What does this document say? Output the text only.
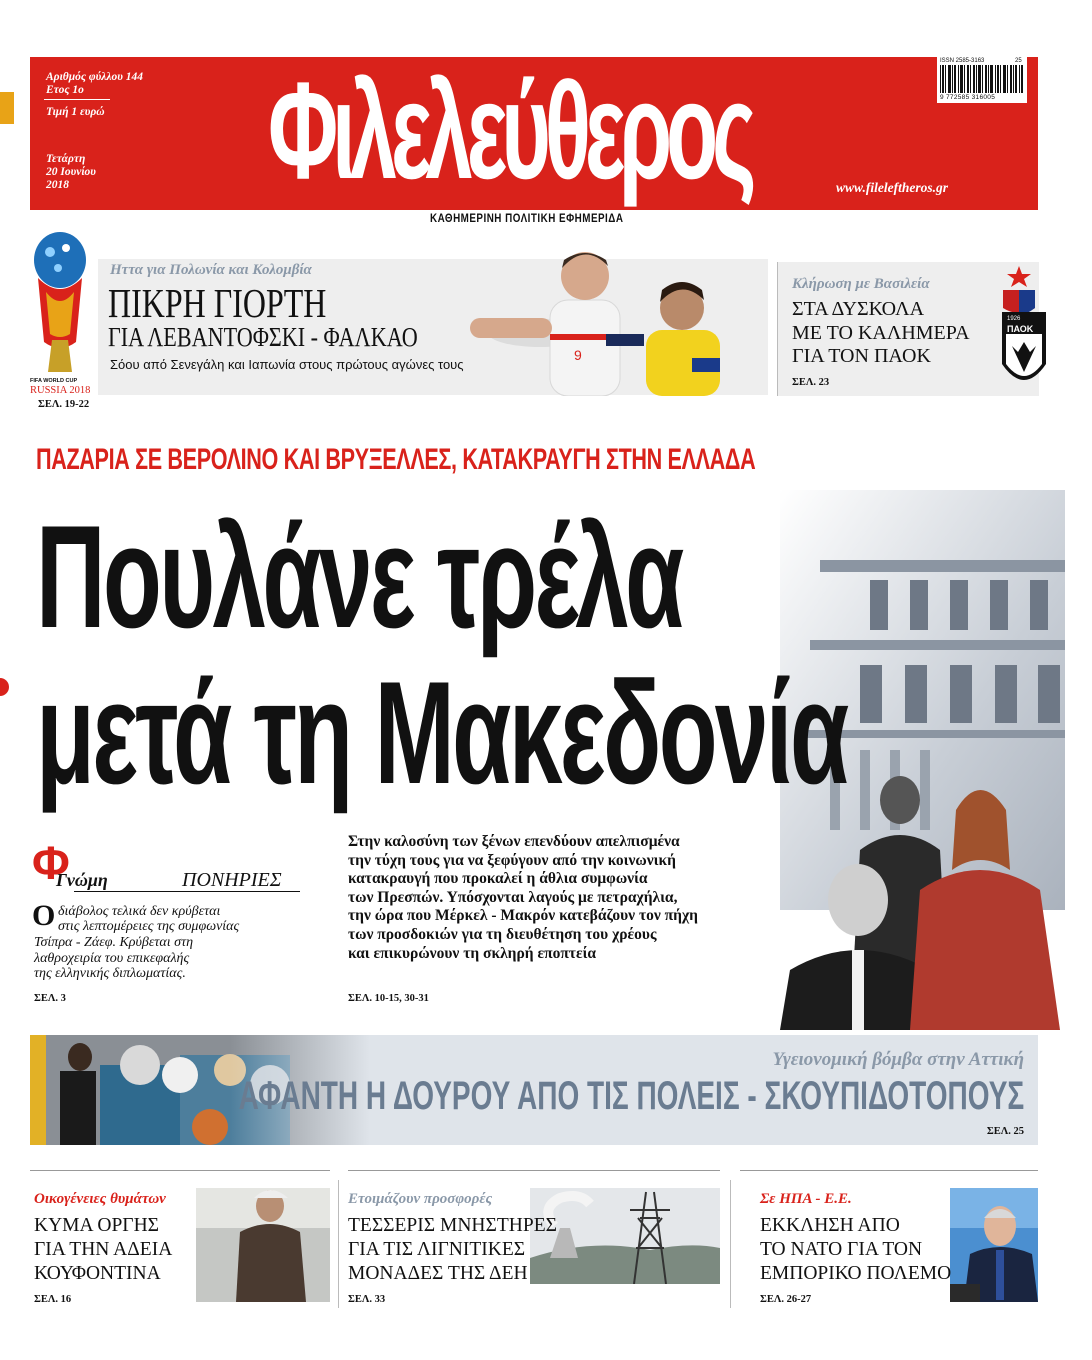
Αριθμός φύλλου 144
Ετος 1ο
Τιμή 1 ευρώ
Τετάρτη
20 Ιουνίου
2018 Φιλελεύθερος	ISSN 2585-3163
9 772585 316005
25
www.fileleftheros.gr
ΚΑΘΗΜΕΡΙΝΗ ΠΟΛΙΤΙΚΗ ΕΦΗΜΕΡΙΔΑ
FIFA WORLD CUP
RUSSIA 2018
ΣΕΛ. 19-22
Ηττα για Πολωνία και Κολομβία
ΠΙΚΡΗ ΓΙΟΡΤΗ
ΓΙΑ ΛΕΒΑΝΤΟΦΣΚΙ - ΦΑΛΚΑΟ
Σόου από Σενεγάλη και Ιαπωνία στους πρώτους αγώνες τους
9
Κλήρωση με Βασιλεία
ΣΤΑ ΔΥΣΚΟΛΑ
ΜΕ ΤΟ ΚΑΛΗΜΕΡΑ
ΓΙΑ ΤΟΝ ΠΑΟΚ
ΣΕΛ. 23
1926
ΠΑΟΚ
ΠΑΖΑΡΙΑ ΣΕ ΒΕΡΟΛΙΝΟ ΚΑΙ ΒΡΥΞΕΛΛΕΣ, ΚΑΤΑΚΡΑΥΓΗ ΣΤΗΝ ΕΛΛΑΔΑ
Πουλάνε τρέλα
μετά τη Μακεδονία
Φ
Γνώμη	ΠΟΝΗΡΙΕΣ
O διάβολος τελικά δεν κρύβεται
στις λεπτομέρειες της συμφωνίας
Τσίπρα - Ζάεφ. Κρύβεται στη
λαθροχειρία του επικεφαλής
της ελληνικής διπλωματίας.
ΣΕΛ. 3
Στην καλοσύνη των ξένων επενδύουν απελπισμένα
την τύχη τους για να ξεφύγουν από την κοινωνική
κατακραυγή που προκαλεί η άθλια συμφωνία
των Πρεσπών. Υπόσχονται λαγούς με πετραχήλια,
την ώρα που Μέρκελ - Μακρόν κατεβάζουν τον πήχη
των προσδοκιών για τη διευθέτηση του χρέους
και επικυρώνουν τη σκληρή εποπτεία
ΣΕΛ. 10-15, 30-31
Υγειονομική βόμβα στην Αττική
ΑΦΑΝΤΗ Η ΔΟΥΡΟΥ ΑΠΟ ΤΙΣ ΠΟΛΕΙΣ - ΣΚΟΥΠΙΔΟΤΟΠΟΥΣ
ΣΕΛ. 25
Οικογένειες θυμάτων
ΚΥΜΑ ΟΡΓΗΣ
ΓΙΑ ΤΗΝ ΑΔΕΙΑ
ΚΟΥΦΟΝΤΙΝΑ
ΣΕΛ. 16
Ετοιμάζουν προσφορές
ΤΕΣΣΕΡΙΣ ΜΝΗΣΤΗΡΕΣ
ΓΙΑ ΤΙΣ ΛΙΓΝΙΤΙΚΕΣ
ΜΟΝΑΔΕΣ ΤΗΣ ΔΕΗ
ΣΕΛ. 33
Σε ΗΠΑ - Ε.Ε.
ΕΚΚΛΗΣΗ ΑΠΟ
ΤΟ ΝΑΤΟ ΓΙΑ ΤΟΝ
ΕΜΠΟΡΙΚΟ ΠΟΛΕΜΟ
ΣΕΛ. 26-27
